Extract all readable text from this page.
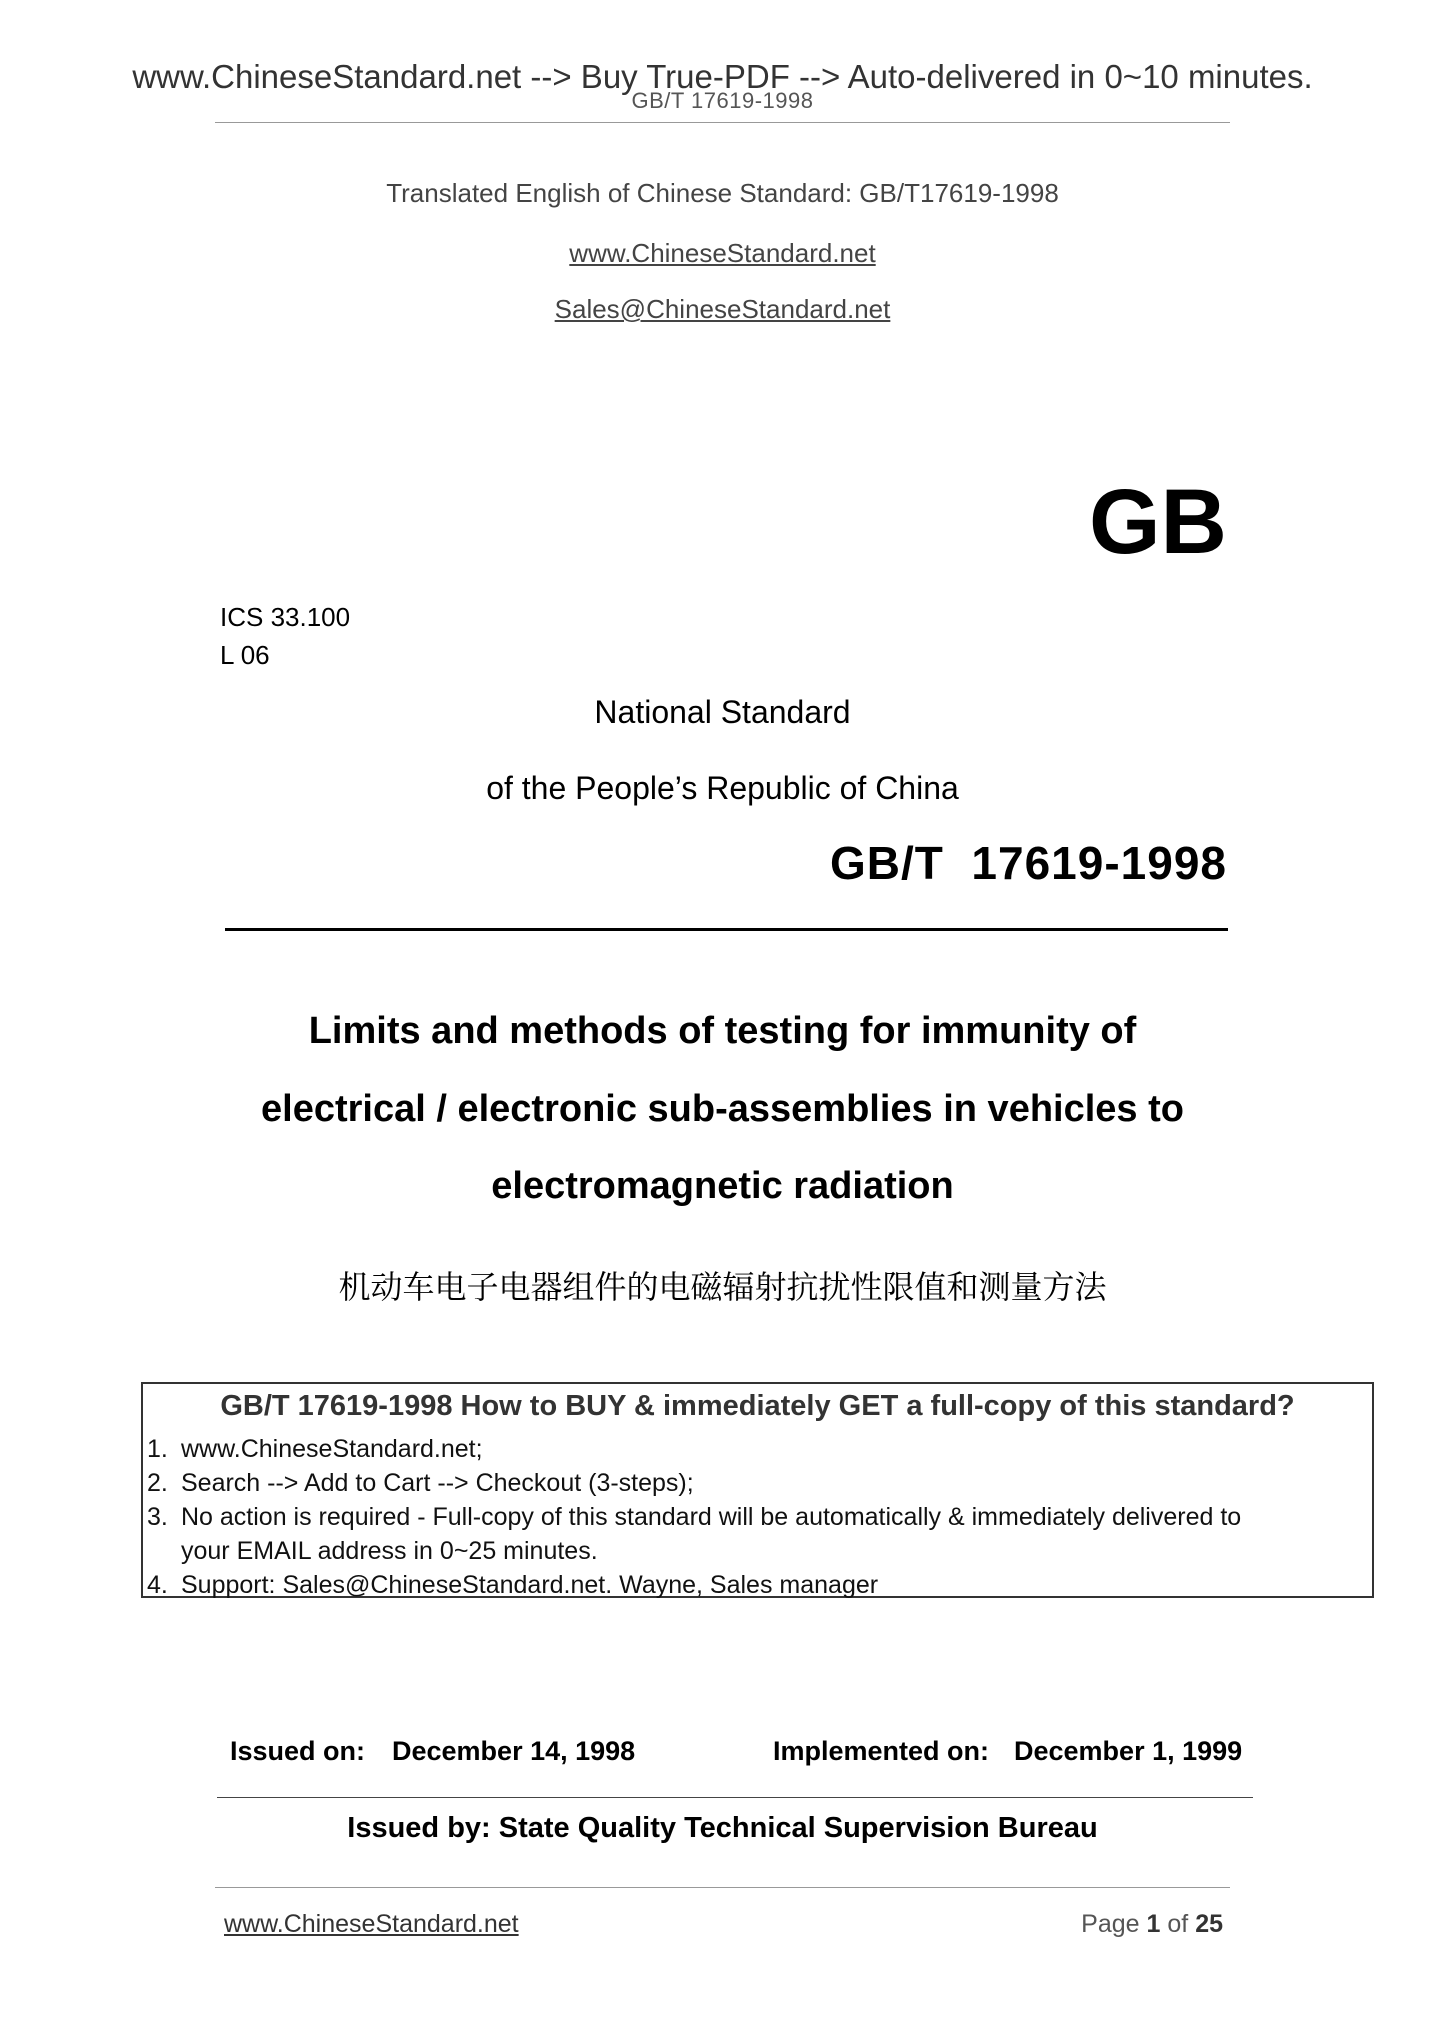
GB/T 17619-1998
www.ChineseStandard.net --> Buy True-PDF --> Auto-delivered in 0~10 minutes.
Translated English of Chinese Standard: GB/T17619-1998
www.ChineseStandard.net
Sales@ChineseStandard.net
GB
ICS 33.100
L 06
National Standard
of the People’s Republic of China
GB/T  17619-1998
Limits and methods of testing for immunity of
electrical / electronic sub-assemblies in vehicles to
electromagnetic radiation
机动车电子电器组件的电磁辐射抗扰性限值和测量方法
GB/T 17619-1998 How to BUY & immediately GET a full-copy of this standard?
1. www.ChineseStandard.net;
2. Search --> Add to Cart --> Checkout (3-steps);
3. No action is required - Full-copy of this standard will be automatically & immediately delivered to
your EMAIL address in 0~25 minutes.
4. Support: Sales@ChineseStandard.net. Wayne, Sales manager
Issued on: December 14, 1998	Implemented on: December 1, 1999
Issued by: State Quality Technical Supervision Bureau
www.ChineseStandard.net	Page 1 of 25
